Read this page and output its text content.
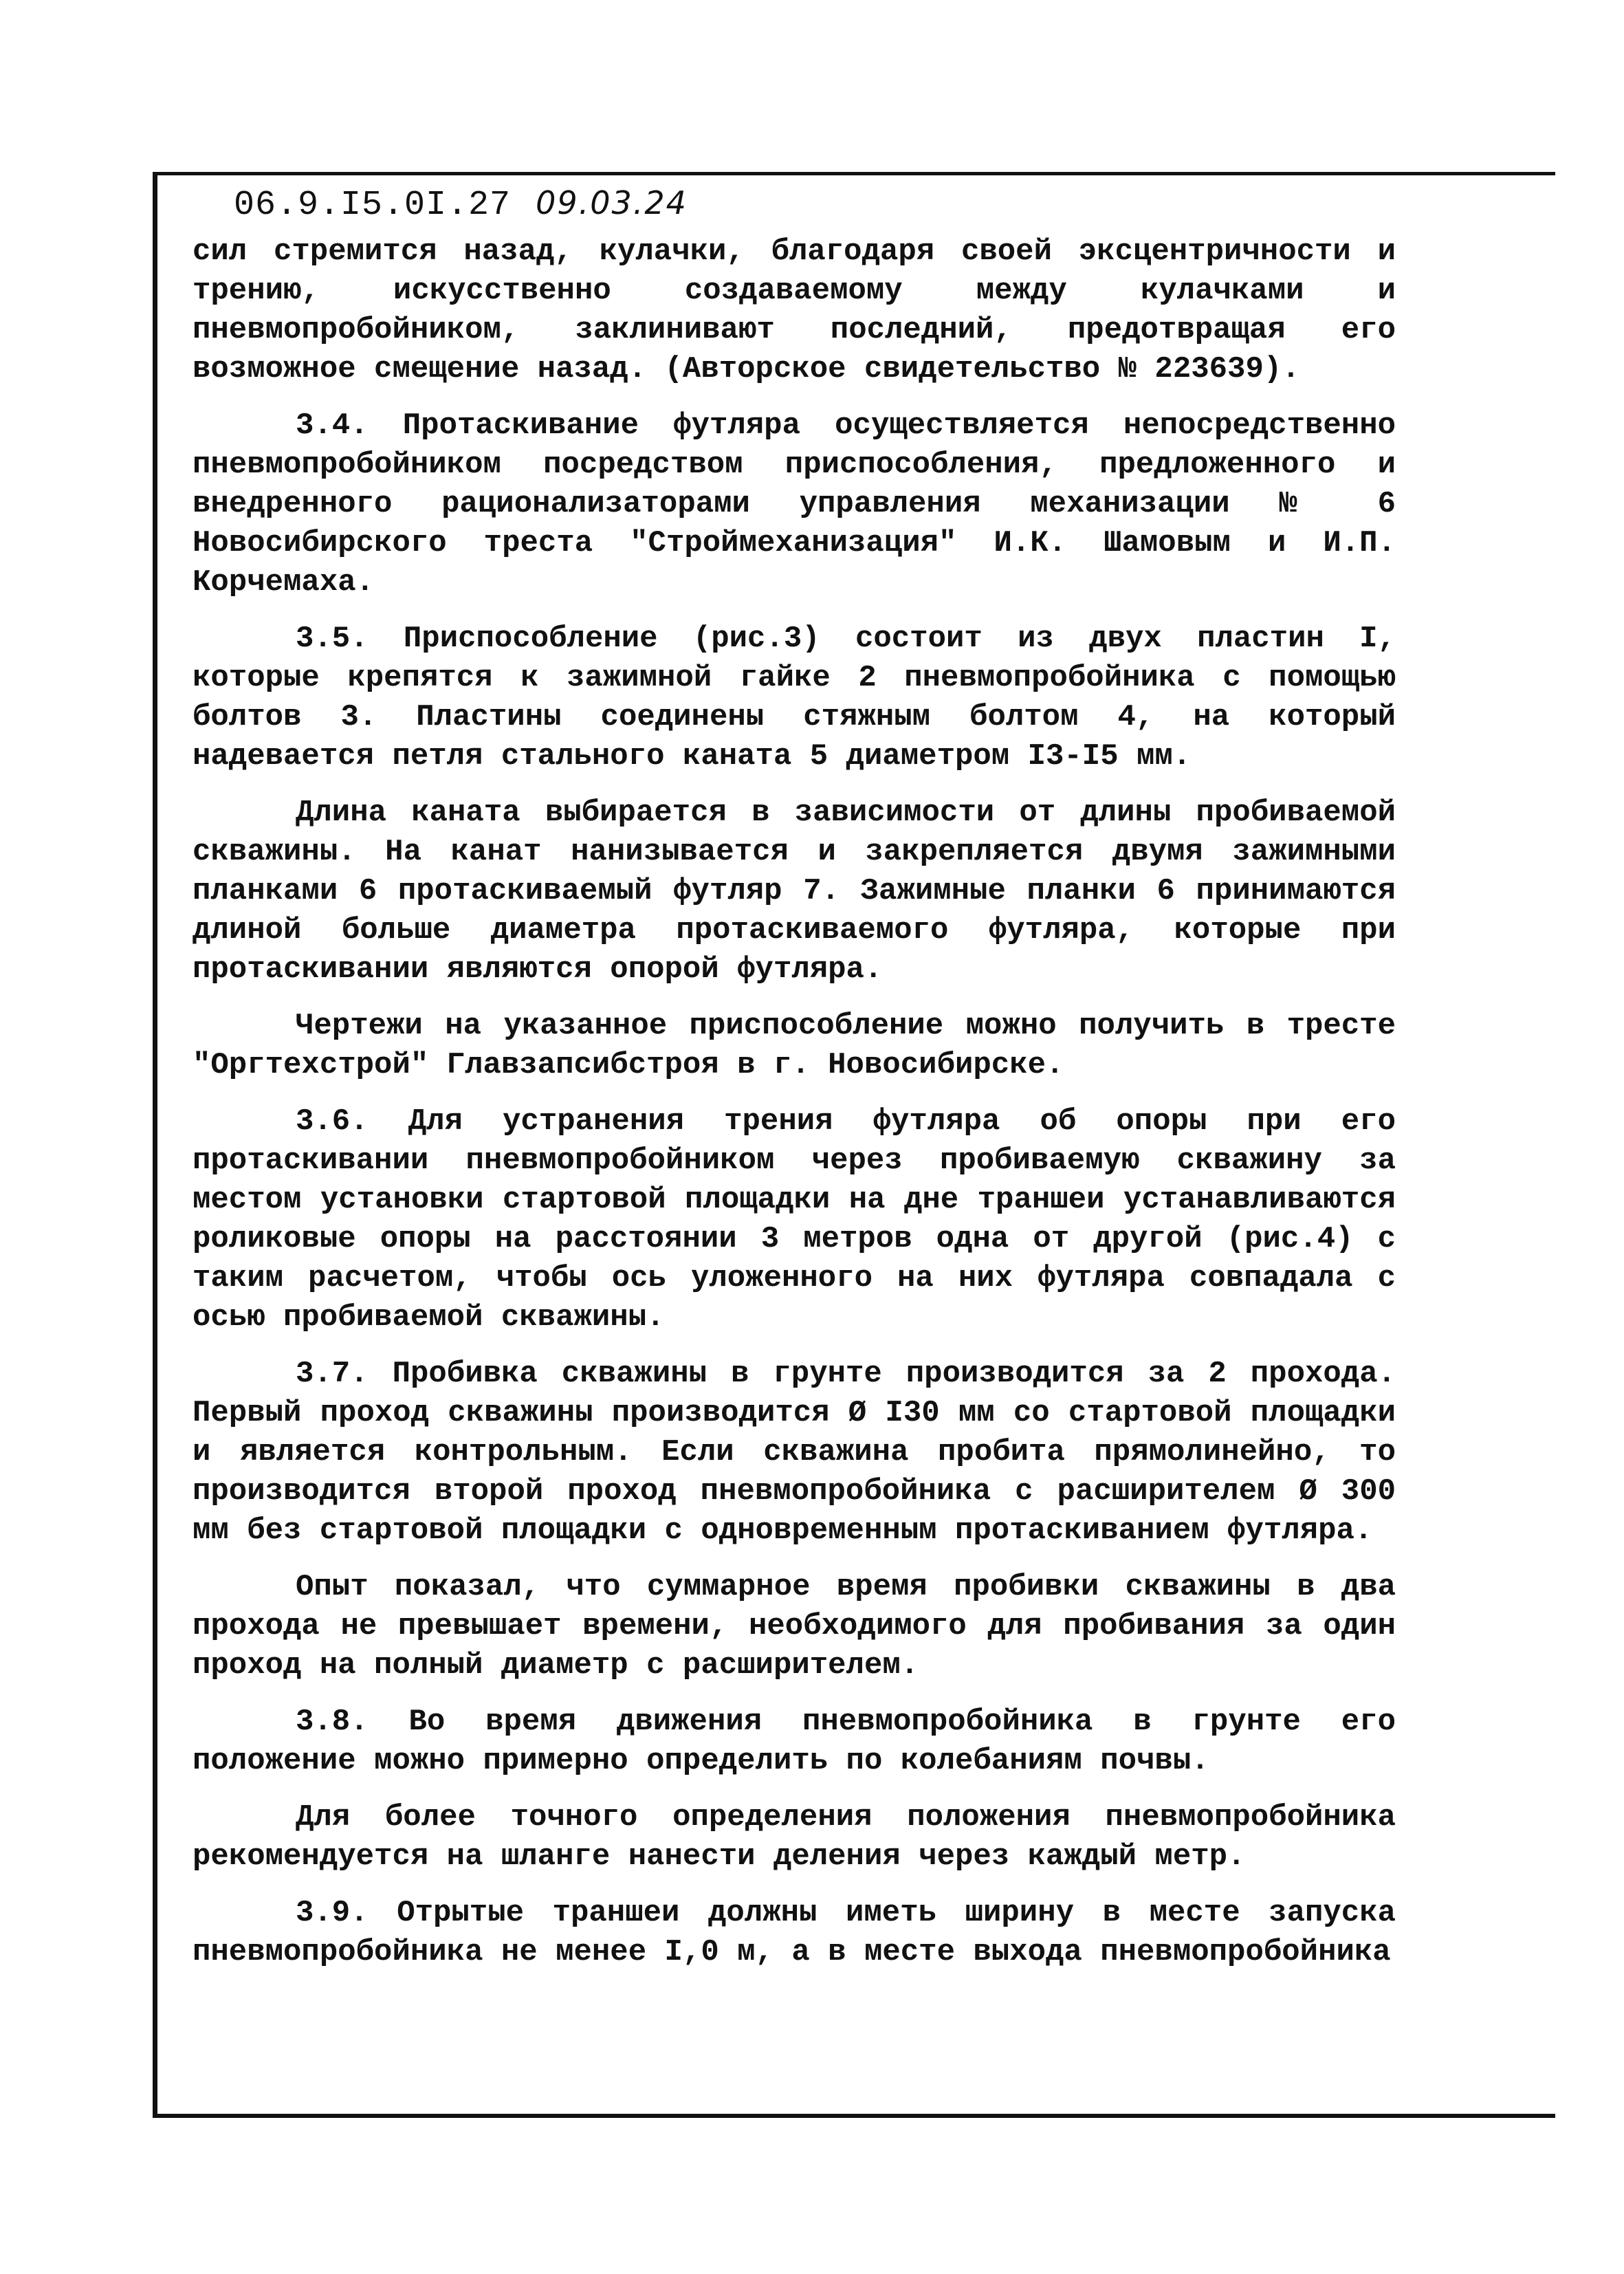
06.9.I5.0I.27 09.03.24

сил стремится назад, кулачки, благодаря своей эксцентричности и трению, искусственно создаваемому между кулачками и пневмопробойником, заклинивают последний, предотвращая его возможное смещение назад. (Авторское свидетельство № 223639).

3.4. Протаскивание футляра осуществляется непосредственно пневмопробойником посредством приспособления, предложенного и внедренного рационализаторами управления механизации № 6 Новосибирского треста "Строймеханизация" И.К. Шамовым и И.П. Корчемаха.

3.5. Приспособление (рис.3) состоит из двух пластин I, которые крепятся к зажимной гайке 2 пневмопробойника с помощью болтов 3. Пластины соединены стяжным болтом 4, на который надевается петля стального каната 5 диаметром I3-I5 мм.

Длина каната выбирается в зависимости от длины пробиваемой скважины. На канат нанизывается и закрепляется двумя зажимными планками 6 протаскиваемый футляр 7. Зажимные планки 6 принимаются длиной больше диаметра протаскиваемого футляра, которые при протаскивании являются опорой футляра.

Чертежи на указанное приспособление можно получить в тресте "Оргтехстрой" Главзапсибстроя в г. Новосибирске.

3.6. Для устранения трения футляра об опоры при его протаскивании пневмопробойником через пробиваемую скважину за местом установки стартовой площадки на дне траншеи устанавливаются роликовые опоры на расстоянии 3 метров одна от другой (рис.4) с таким расчетом, чтобы ось уложенного на них футляра совпадала с осью пробиваемой скважины.

3.7. Пробивка скважины в грунте производится за 2 прохода. Первый проход скважины производится Ø I30 мм со стартовой площадки и является контрольным. Если скважина пробита прямолинейно, то производится второй проход пневмопробойника с расширителем Ø 300 мм без стартовой площадки с одновременным протаскиванием футляра.

Опыт показал, что суммарное время пробивки скважины в два прохода не превышает времени, необходимого для пробивания за один проход на полный диаметр с расширителем.

3.8. Во время движения пневмопробойника в грунте его положение можно примерно определить по колебаниям почвы.

Для более точного определения положения пневмопробойника рекомендуется на шланге нанести деления через каждый метр.

3.9. Отрытые траншеи должны иметь ширину в месте запуска пневмопробойника не менее I,0 м, а в месте выхода пневмопробойника
